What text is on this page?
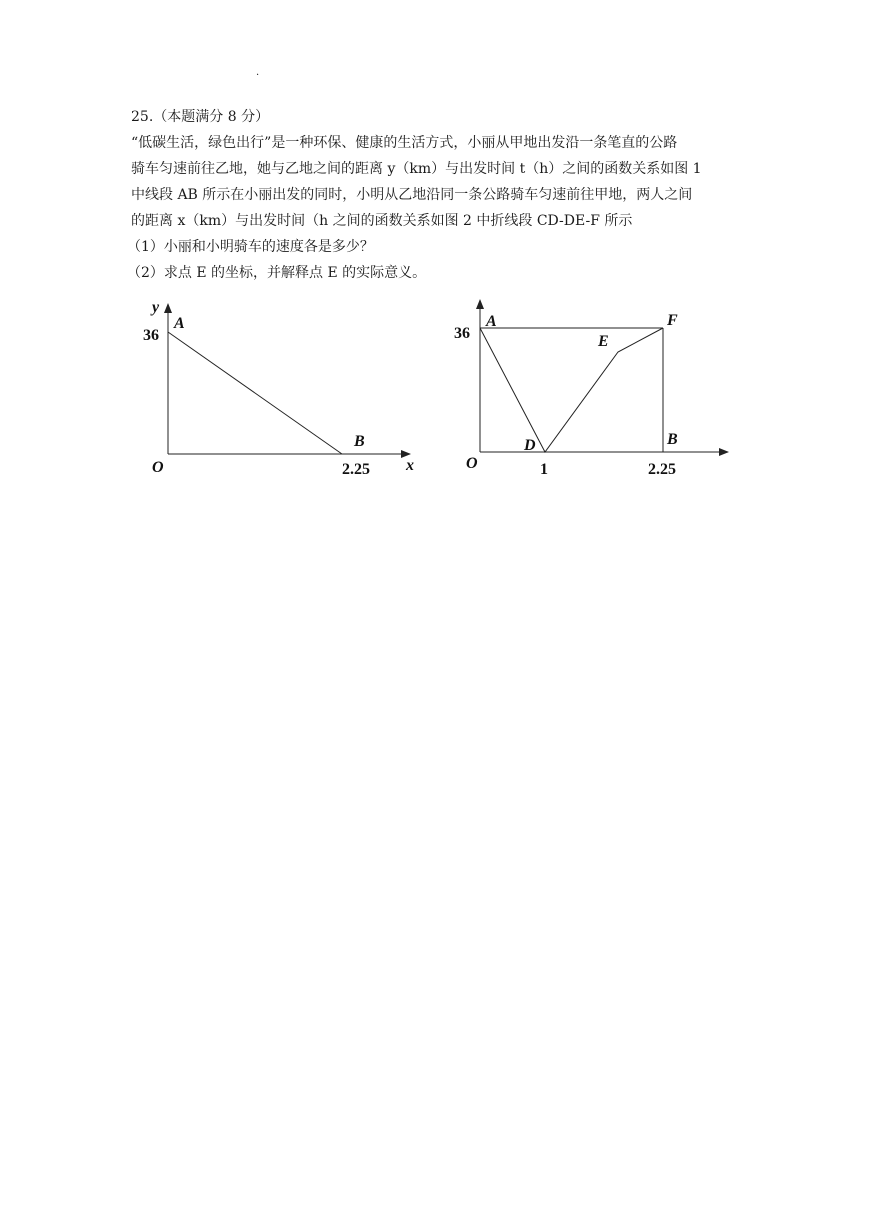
.

25.（本题满分 8 分）

“低碳生活，绿色出行”是一种环保、健康的生活方式，小丽从甲地出发沿一条笔直的公路

骑车匀速前往乙地，她与乙地之间的距离 y（km）与出发时间 t（h）之间的函数关系如图 1

中线段 AB 所示在小丽出发的同时，小明从乙地沿同一条公路骑车匀速前往甲地，两人之间

的距离 x（km）与出发时间（h 之间的函数关系如图 2 中折线段 CD-DE-F 所示

（1）小丽和小明骑车的速度各是多少？

（2）求点 E 的坐标，并解释点 E 的实际意义。

y
36
A
B
O	2.25 x
36
A	F
E
D	B
O	1	2.25
